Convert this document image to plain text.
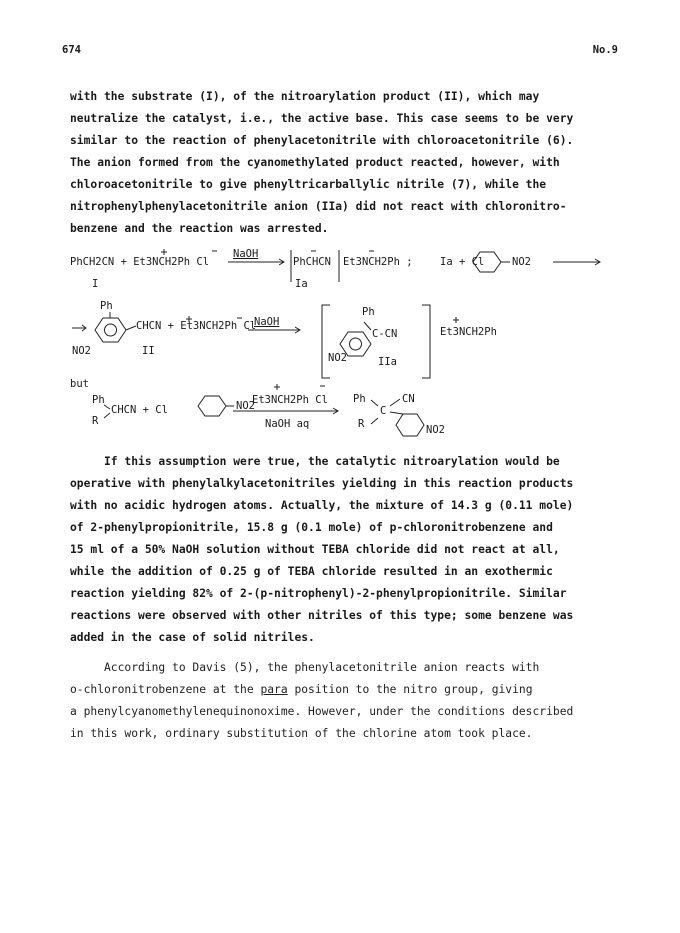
674	No.9
with the substrate (I), of the nitroarylation product (II), which may
neutralize the catalyst, i.e., the active base. This case seems to be very
similar to the reaction of phenylacetonitrile with chloroacetonitrile (6).
The anion formed from the cyanomethylated product reacted, however, with
chloroacetonitrile to give phenyltricarballylic nitrile (7), while the
nitrophenylphenylacetonitrile anion (IIa) did not react with chloronitro-
benzene and the reaction was arrested.
PhCH2CN + Et3NCH2Ph Cl
NaOH
PhCHCN Et3NCH2Ph ;	Ia + Cl	NO2
I	Ia
Ph
CHCN + Et3NCH2Ph Cl
NaOH
NO2	II
Ph
C-CN
NO2	IIa
Et3NCH2Ph
but
Ph
R
CHCN + Cl	NO2
Et3NCH2Ph Cl
NaOH aq
Ph
C
CN
R	NO2
If this assumption were true, the catalytic nitroarylation would be
operative with phenylalkylacetonitriles yielding in this reaction products
with no acidic hydrogen atoms. Actually, the mixture of 14.3 g (0.11 mole)
of 2-phenylpropionitrile, 15.8 g (0.1 mole) of p-chloronitrobenzene and
15 ml of a 50% NaOH solution without TEBA chloride did not react at all,
while the addition of 0.25 g of TEBA chloride resulted in an exothermic
reaction yielding 82% of 2-(p-nitrophenyl)-2-phenylpropionitrile. Similar
reactions were observed with other nitriles of this type; some benzene was
added in the case of solid nitriles.
According to Davis (5), the phenylacetonitrile anion reacts with
o-chloronitrobenzene at the para position to the nitro group, giving
a phenylcyanomethylenequinonoxime. However, under the conditions described
in this work, ordinary substitution of the chlorine atom took place.
